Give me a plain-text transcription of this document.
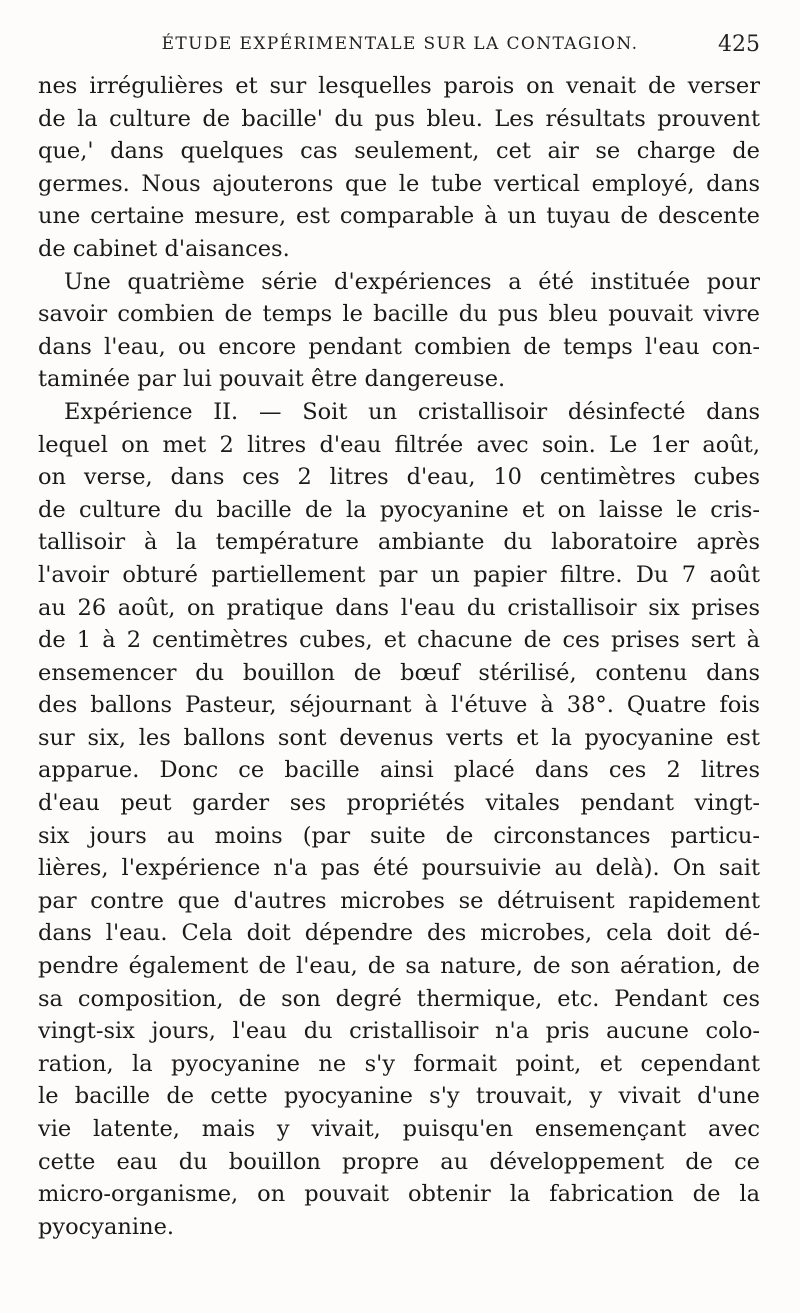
ÉTUDE EXPÉRIMENTALE SUR LA CONTAGION.	425
nes irrégulières et sur lesquelles parois on venait de verser
de la culture de bacille' du pus bleu. Les résultats prouvent
que,' dans quelques cas seulement, cet air se charge de
germes. Nous ajouterons que le tube vertical employé, dans
une certaine mesure, est comparable à un tuyau de descente
de cabinet d'aisances.
Une quatrième série d'expériences a été instituée pour
savoir combien de temps le bacille du pus bleu pouvait vivre
dans l'eau, ou encore pendant combien de temps l'eau con-
taminée par lui pouvait être dangereuse.
Expérience II. — Soit un cristallisoir désinfecté dans
lequel on met 2 litres d'eau filtrée avec soin. Le 1er août,
on verse, dans ces 2 litres d'eau, 10 centimètres cubes
de culture du bacille de la pyocyanine et on laisse le cris-
tallisoir à la température ambiante du laboratoire après
l'avoir obturé partiellement par un papier filtre. Du 7 août
au 26 août, on pratique dans l'eau du cristallisoir six prises
de 1 à 2 centimètres cubes, et chacune de ces prises sert à
ensemencer du bouillon de bœuf stérilisé, contenu dans
des ballons Pasteur, séjournant à l'étuve à 38°. Quatre fois
sur six, les ballons sont devenus verts et la pyocyanine est
apparue. Donc ce bacille ainsi placé dans ces 2 litres
d'eau peut garder ses propriétés vitales pendant vingt-
six jours au moins (par suite de circonstances particu-
lières, l'expérience n'a pas été poursuivie au delà). On sait
par contre que d'autres microbes se détruisent rapidement
dans l'eau. Cela doit dépendre des microbes, cela doit dé-
pendre également de l'eau, de sa nature, de son aération, de
sa composition, de son degré thermique, etc. Pendant ces
vingt-six jours, l'eau du cristallisoir n'a pris aucune colo-
ration, la pyocyanine ne s'y formait point, et cependant
le bacille de cette pyocyanine s'y trouvait, y vivait d'une
vie latente, mais y vivait, puisqu'en ensemençant avec
cette eau du bouillon propre au développement de ce
micro-organisme, on pouvait obtenir la fabrication de la
pyocyanine.
